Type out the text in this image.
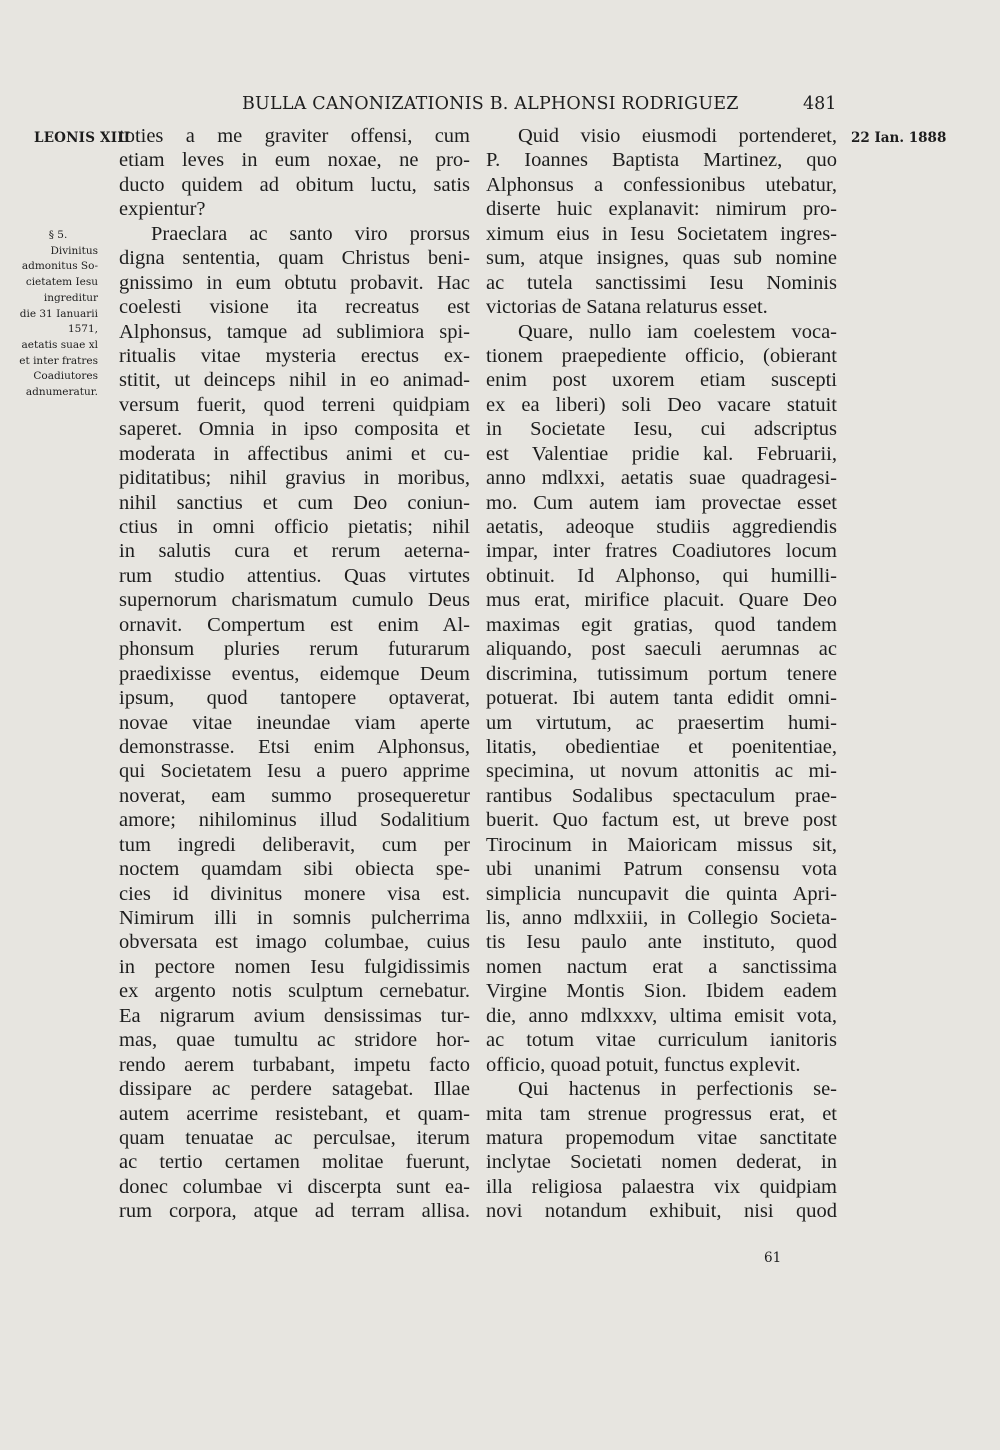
BULLA CANONIZATIONIS B. ALPHONSI RODRIGUEZ	481
LEONIS XIII	22 Ian. 1888
§ 5.
Divinitus
admonitus So-
cietatem Iesu
ingreditur
die 31 Ianuarii
1571,
aetatis suae xl
et inter fratres
Coadiutores
adnumeratur.
toties a me graviter offensi, cum
etiam leves in eum noxae, ne pro-
ducto quidem ad obitum luctu, satis
expientur?
Praeclara ac santo viro prorsus
digna sententia, quam Christus beni-
gnissimo in eum obtutu probavit. Hac
coelesti visione ita recreatus est
Alphonsus, tamque ad sublimiora spi-
ritualis vitae mysteria erectus ex-
stitit, ut deinceps nihil in eo animad-
versum fuerit, quod terreni quidpiam
saperet. Omnia in ipso composita et
moderata in affectibus animi et cu-
piditatibus; nihil gravius in moribus,
nihil sanctius et cum Deo coniun-
ctius in omni officio pietatis; nihil
in salutis cura et rerum aeterna-
rum studio attentius. Quas virtutes
supernorum charismatum cumulo Deus
ornavit. Compertum est enim Al-
phonsum pluries rerum futurarum
praedixisse eventus, eidemque Deum
ipsum, quod tantopere optaverat,
novae vitae ineundae viam aperte
demonstrasse. Etsi enim Alphonsus,
qui Societatem Iesu a puero apprime
noverat, eam summo prosequeretur
amore; nihilominus illud Sodalitium
tum ingredi deliberavit, cum per
noctem quamdam sibi obiecta spe-
cies id divinitus monere visa est.
Nimirum illi in somnis pulcherrima
obversata est imago columbae, cuius
in pectore nomen Iesu fulgidissimis
ex argento notis sculptum cernebatur.
Ea nigrarum avium densissimas tur-
mas, quae tumultu ac stridore hor-
rendo aerem turbabant, impetu facto
dissipare ac perdere satagebat. Illae
autem acerrime resistebant, et quam-
quam tenuatae ac perculsae, iterum
ac tertio certamen molitae fuerunt,
donec columbae vi discerpta sunt ea-
rum corpora, atque ad terram allisa.
Quid visio eiusmodi portenderet,
P. Ioannes Baptista Martinez, quo
Alphonsus a confessionibus utebatur,
diserte huic explanavit: nimirum pro-
ximum eius in Iesu Societatem ingres-
sum, atque insignes, quas sub nomine
ac tutela sanctissimi Iesu Nominis
victorias de Satana relaturus esset.
Quare, nullo iam coelestem voca-
tionem praepediente officio, (obierant
enim post uxorem etiam suscepti
ex ea liberi) soli Deo vacare statuit
in Societate Iesu, cui adscriptus
est Valentiae pridie kal. Februarii,
anno mdlxxi, aetatis suae quadragesi-
mo. Cum autem iam provectae esset
aetatis, adeoque studiis aggrediendis
impar, inter fratres Coadiutores locum
obtinuit. Id Alphonso, qui humilli-
mus erat, mirifice placuit. Quare Deo
maximas egit gratias, quod tandem
aliquando, post saeculi aerumnas ac
discrimina, tutissimum portum tenere
potuerat. Ibi autem tanta edidit omni-
um virtutum, ac praesertim humi-
litatis, obedientiae et poenitentiae,
specimina, ut novum attonitis ac mi-
rantibus Sodalibus spectaculum prae-
buerit. Quo factum est, ut breve post
Tirocinum in Maioricam missus sit,
ubi unanimi Patrum consensu vota
simplicia nuncupavit die quinta Apri-
lis, anno mdlxxiii, in Collegio Societa-
tis Iesu paulo ante instituto, quod
nomen nactum erat a sanctissima
Virgine Montis Sion. Ibidem eadem
die, anno mdlxxxv, ultima emisit vota,
ac totum vitae curriculum ianitoris
officio, quoad potuit, functus explevit.
Qui hactenus in perfectionis se-
mita tam strenue progressus erat, et
matura propemodum vitae sanctitate
inclytae Societati nomen dederat, in
illa religiosa palaestra vix quidpiam
novi notandum exhibuit, nisi quod
61
